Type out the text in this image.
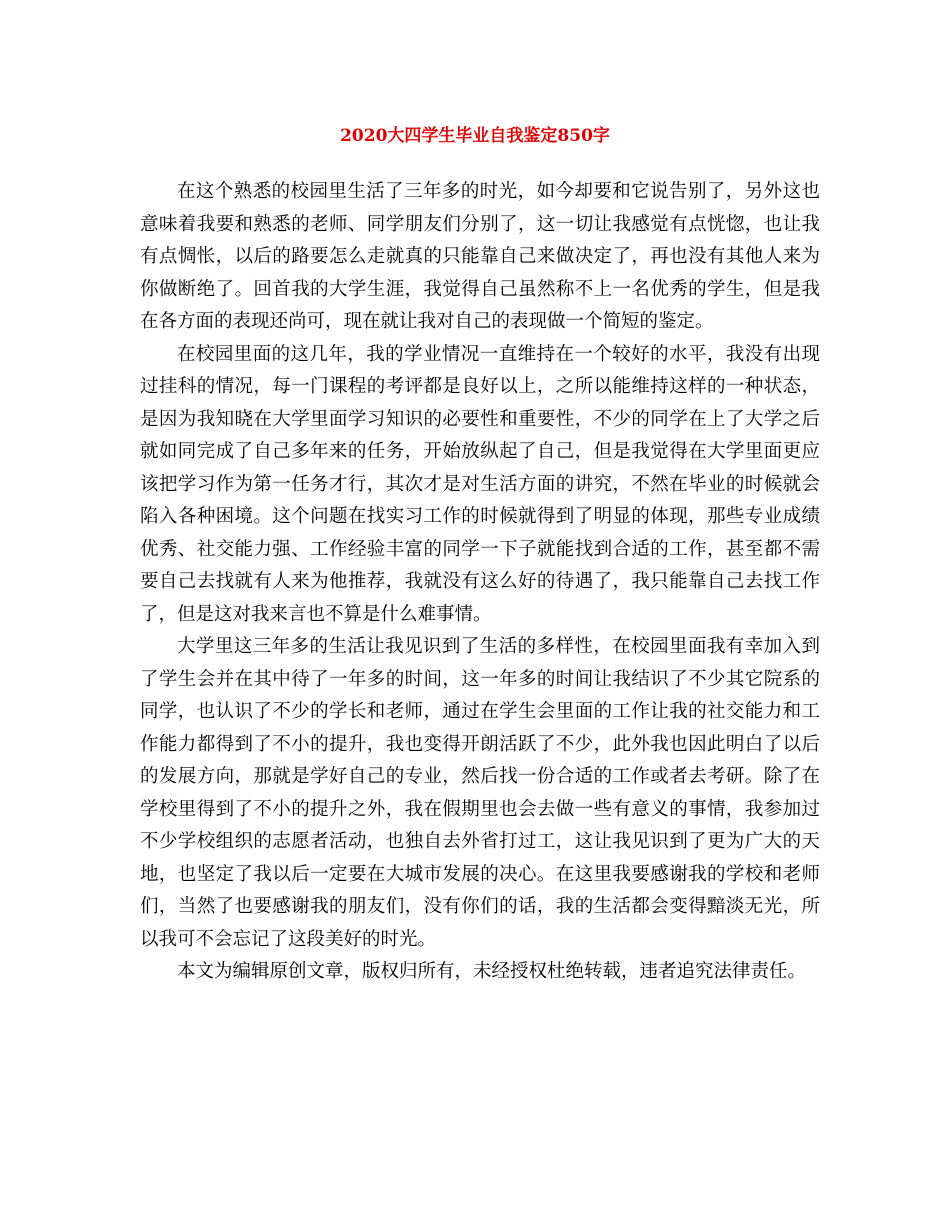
2020大四学生毕业自我鉴定850字

在这个熟悉的校园里生活了三年多的时光，如今却要和它说告别了，另外这也意味着我要和熟悉的老师、同学朋友们分别了，这一切让我感觉有点恍惚，也让我有点惆怅，以后的路要怎么走就真的只能靠自己来做决定了，再也没有其他人来为你做断绝了。回首我的大学生涯，我觉得自己虽然称不上一名优秀的学生，但是我在各方面的表现还尚可，现在就让我对自己的表现做一个简短的鉴定。

在校园里面的这几年，我的学业情况一直维持在一个较好的水平，我没有出现过挂科的情况，每一门课程的考评都是良好以上，之所以能维持这样的一种状态，是因为我知晓在大学里面学习知识的必要性和重要性，不少的同学在上了大学之后就如同完成了自己多年来的任务，开始放纵起了自己，但是我觉得在大学里面更应该把学习作为第一任务才行，其次才是对生活方面的讲究，不然在毕业的时候就会陷入各种困境。这个问题在找实习工作的时候就得到了明显的体现，那些专业成绩优秀、社交能力强、工作经验丰富的同学一下子就能找到合适的工作，甚至都不需要自己去找就有人来为他推荐，我就没有这么好的待遇了，我只能靠自己去找工作了，但是这对我来言也不算是什么难事情。

大学里这三年多的生活让我见识到了生活的多样性，在校园里面我有幸加入到了学生会并在其中待了一年多的时间，这一年多的时间让我结识了不少其它院系的同学，也认识了不少的学长和老师，通过在学生会里面的工作让我的社交能力和工作能力都得到了不小的提升，我也变得开朗活跃了不少，此外我也因此明白了以后的发展方向，那就是学好自己的专业，然后找一份合适的工作或者去考研。除了在学校里得到了不小的提升之外，我在假期里也会去做一些有意义的事情，我参加过不少学校组织的志愿者活动，也独自去外省打过工，这让我见识到了更为广大的天地，也坚定了我以后一定要在大城市发展的决心。在这里我要感谢我的学校和老师们，当然了也要感谢我的朋友们，没有你们的话，我的生活都会变得黯淡无光，所以我可不会忘记了这段美好的时光。

本文为编辑原创文章，版权归所有，未经授权杜绝转载，违者追究法律责任。
